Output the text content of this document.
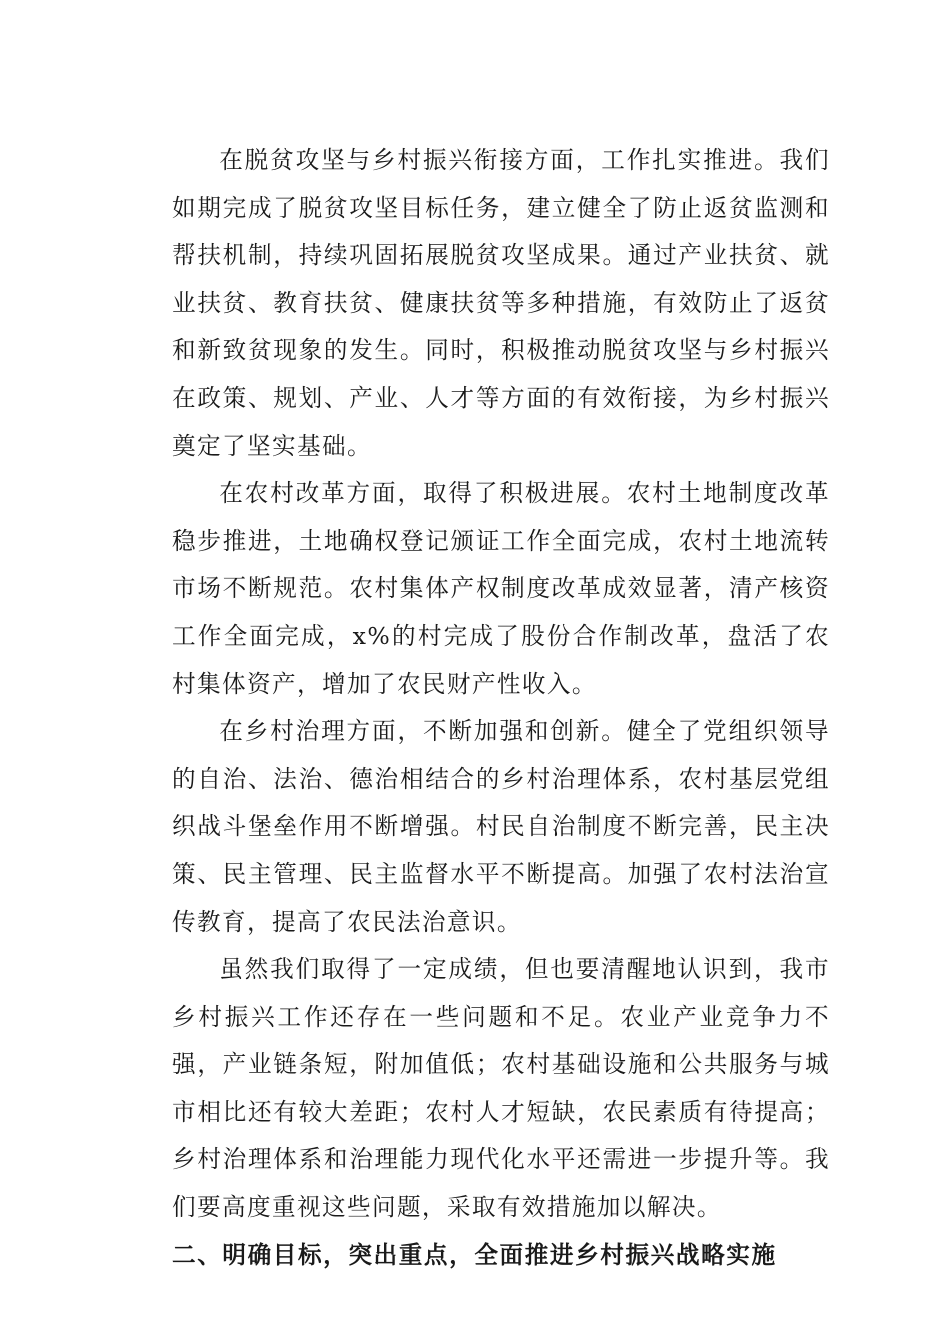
在脱贫攻坚与乡村振兴衔接方面，工作扎实推进。我们如期完成了脱贫攻坚目标任务，建立健全了防止返贫监测和帮扶机制，持续巩固拓展脱贫攻坚成果。通过产业扶贫、就业扶贫、教育扶贫、健康扶贫等多种措施，有效防止了返贫和新致贫现象的发生。同时，积极推动脱贫攻坚与乡村振兴在政策、规划、产业、人才等方面的有效衔接，为乡村振兴奠定了坚实基础。

在农村改革方面，取得了积极进展。农村土地制度改革稳步推进，土地确权登记颁证工作全面完成，农村土地流转市场不断规范。农村集体产权制度改革成效显著，清产核资工作全面完成，x%的村完成了股份合作制改革，盘活了农村集体资产，增加了农民财产性收入。

在乡村治理方面，不断加强和创新。健全了党组织领导的自治、法治、德治相结合的乡村治理体系，农村基层党组织战斗堡垒作用不断增强。村民自治制度不断完善，民主决策、民主管理、民主监督水平不断提高。加强了农村法治宣传教育，提高了农民法治意识。

虽然我们取得了一定成绩，但也要清醒地认识到，我市乡村振兴工作还存在一些问题和不足。农业产业竞争力不强，产业链条短，附加值低；农村基础设施和公共服务与城市相比还有较大差距；农村人才短缺，农民素质有待提高；乡村治理体系和治理能力现代化水平还需进一步提升等。我们要高度重视这些问题，采取有效措施加以解决。

二、明确目标，突出重点，全面推进乡村振兴战略实施
